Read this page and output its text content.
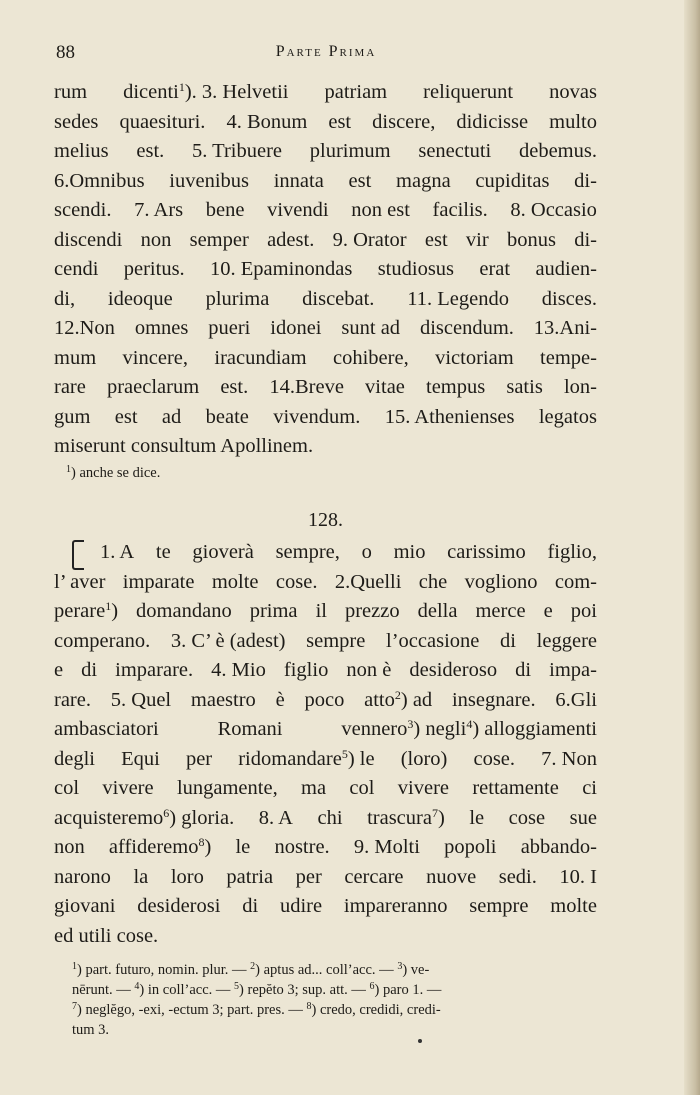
88	Parte Prima
rum dicenti1). 3. Helvetii patriam reliquerunt novas
sedes quaesituri. 4. Bonum est discere, didicisse multo
melius est. 5. Tribuere plurimum senectuti debemus.
6.Omnibus iuvenibus innata est magna cupiditas di-
scendi. 7. Ars bene vivendi non est facilis. 8. Occasio
discendi non semper adest. 9. Orator est vir bonus di-
cendi peritus. 10. Epaminondas studiosus erat audien-
di, ideoque plurima discebat. 11. Legendo disces.
12.Non omnes pueri idonei sunt ad discendum. 13.Ani-
mum vincere, iracundiam cohibere, victoriam tempe-
rare praeclarum est. 14.Breve vitae tempus satis lon-
gum est ad beate vivendum. 15. Athenienses legatos
miserunt consultum Apollinem.
$^1$) anche se dice.
128.
1. A te gioverà sempre, o mio carissimo figlio,
l’ aver imparate molte cose. 2.Quelli che vogliono com-
perare1) domandano prima il prezzo della merce e poi
comperano. 3. C’ è (adest) sempre l’occasione di leggere
e di imparare. 4. Mio figlio non è desideroso di impa-
rare. 5. Quel maestro è poco atto2) ad insegnare. 6.Gli
ambasciatori	Romani	vennero3) negli4) alloggiamenti
degli Equi per ridomandare5) le (loro) cose. 7. Non
col vivere lungamente, ma col vivere rettamente ci
acquisteremo6) gloria. 8. A chi trascura7) le cose sue
non affideremo8) le nostre. 9. Molti popoli abbando-
narono la loro patria per cercare nuove sedi. 10. I
giovani desiderosi di udire impareranno sempre molte
ed utili cose.
$^1$) part. futuro, nomin. plur. — $^2$) aptus ad... coll’acc. — $^3$) ve-
nērunt. — $^4$) in coll’acc. — $^5$) repĕto 3; sup. att. — $^6$) paro 1. —
$^7$) neglĕgo, -exi, -ectum 3; part. pres. — $^8$) credo, credidi, credi-
tum 3.
